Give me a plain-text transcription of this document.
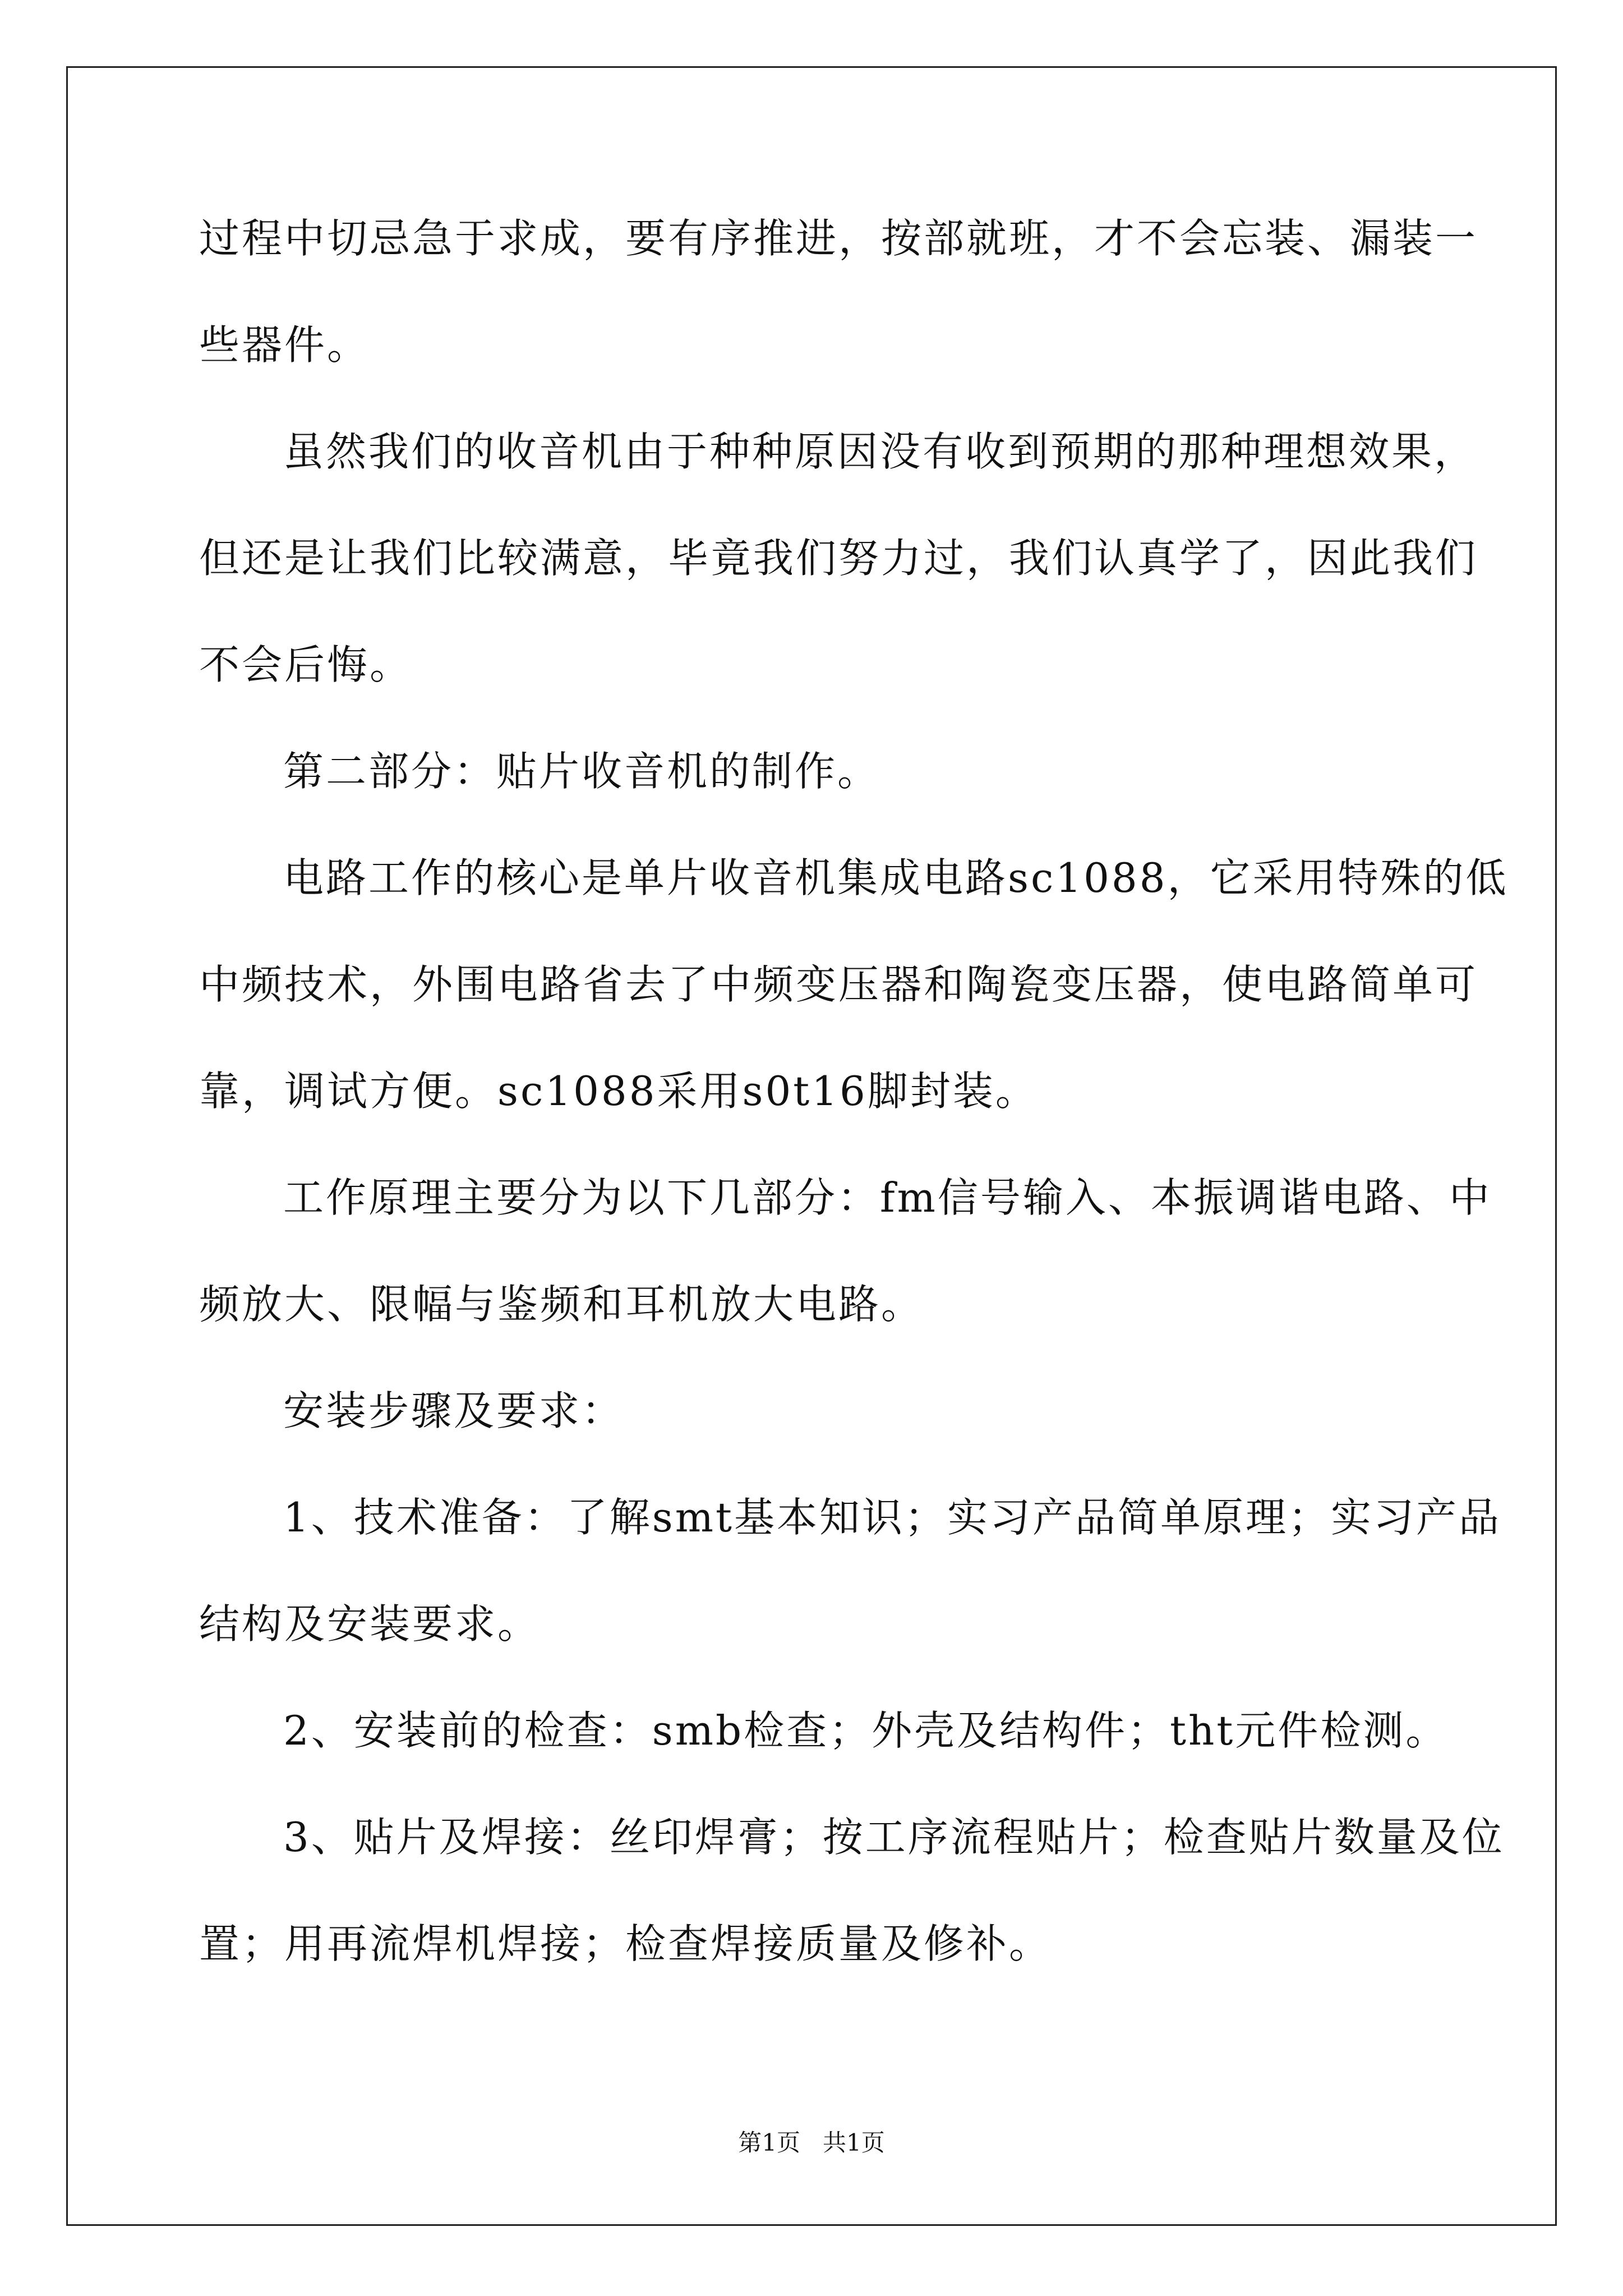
过程中切忌急于求成，要有序推进，按部就班，才不会忘装、漏装一
些器件。
虽然我们的收音机由于种种原因没有收到预期的那种理想效果，
但还是让我们比较满意，毕竟我们努力过，我们认真学了，因此我们
不会后悔。
第二部分：贴片收音机的制作。
电路工作的核心是单片收音机集成电路sc1088，它采用特殊的低
中频技术，外围电路省去了中频变压器和陶瓷变压器，使电路简单可
靠，调试方便。sc1088采用s0t16脚封装。
工作原理主要分为以下几部分：fm信号输入、本振调谐电路、中
频放大、限幅与鉴频和耳机放大电路。
安装步骤及要求：
1、技术准备：了解smt基本知识；实习产品简单原理；实习产品
结构及安装要求。
2、安装前的检查：smb检查；外壳及结构件；tht元件检测。
3、贴片及焊接：丝印焊膏；按工序流程贴片；检查贴片数量及位
置；用再流焊机焊接；检查焊接质量及修补。
第1页 共1页
